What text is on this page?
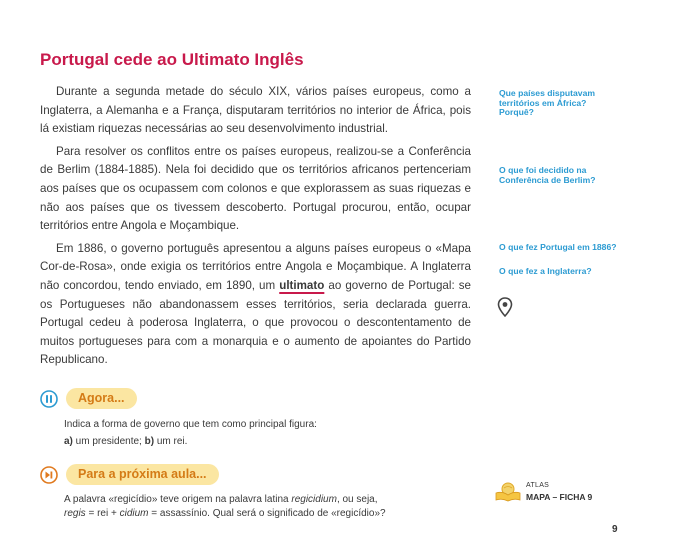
Portugal cede ao Ultimato Inglês

Durante a segunda metade do século XIX, vários países europeus, como a Inglaterra, a Alemanha e a França, disputaram territórios no interior de África, pois lá existiam riquezas necessárias ao seu desenvolvimento industrial.

Para resolver os conflitos entre os países europeus, realizou-se a Conferência de Berlim (1884-1885). Nela foi decidido que os territórios africanos pertenceriam aos países que os ocupassem com colonos e que explorassem as suas riquezas e não aos países que os tivessem descoberto. Portugal procurou, então, ocupar territórios entre Angola e Moçambique.

Em 1886, o governo português apresentou a alguns países europeus o «Mapa Cor-de-Rosa», onde exigia os territórios entre Angola e Moçambique. A Inglaterra não concordou, tendo enviado, em 1890, um ultimato ao governo de Portugal: se os Portugueses não abandonassem esses territórios, seria declarada guerra. Portugal cedeu à poderosa Inglaterra, o que provocou o descontentamento de muitos portugueses para com a monarquia e o aumento de apoiantes do Partido Republicano.

Que países disputavam territórios em África? Porquê?
O que foi decidido na Conferência de Berlim?
O que fez Portugal em 1886?
O que fez a Inglaterra?
Agora...
Indica a forma de governo que tem como principal figura:
a) um presidente; b) um rei.
Para a próxima aula...
A palavra «regicídio» teve origem na palavra latina regicidium, ou seja,
regis = rei + cidium = assassínio. Qual será o significado de «regicídio»?
ATLAS
MAPA – FICHA 9
9
